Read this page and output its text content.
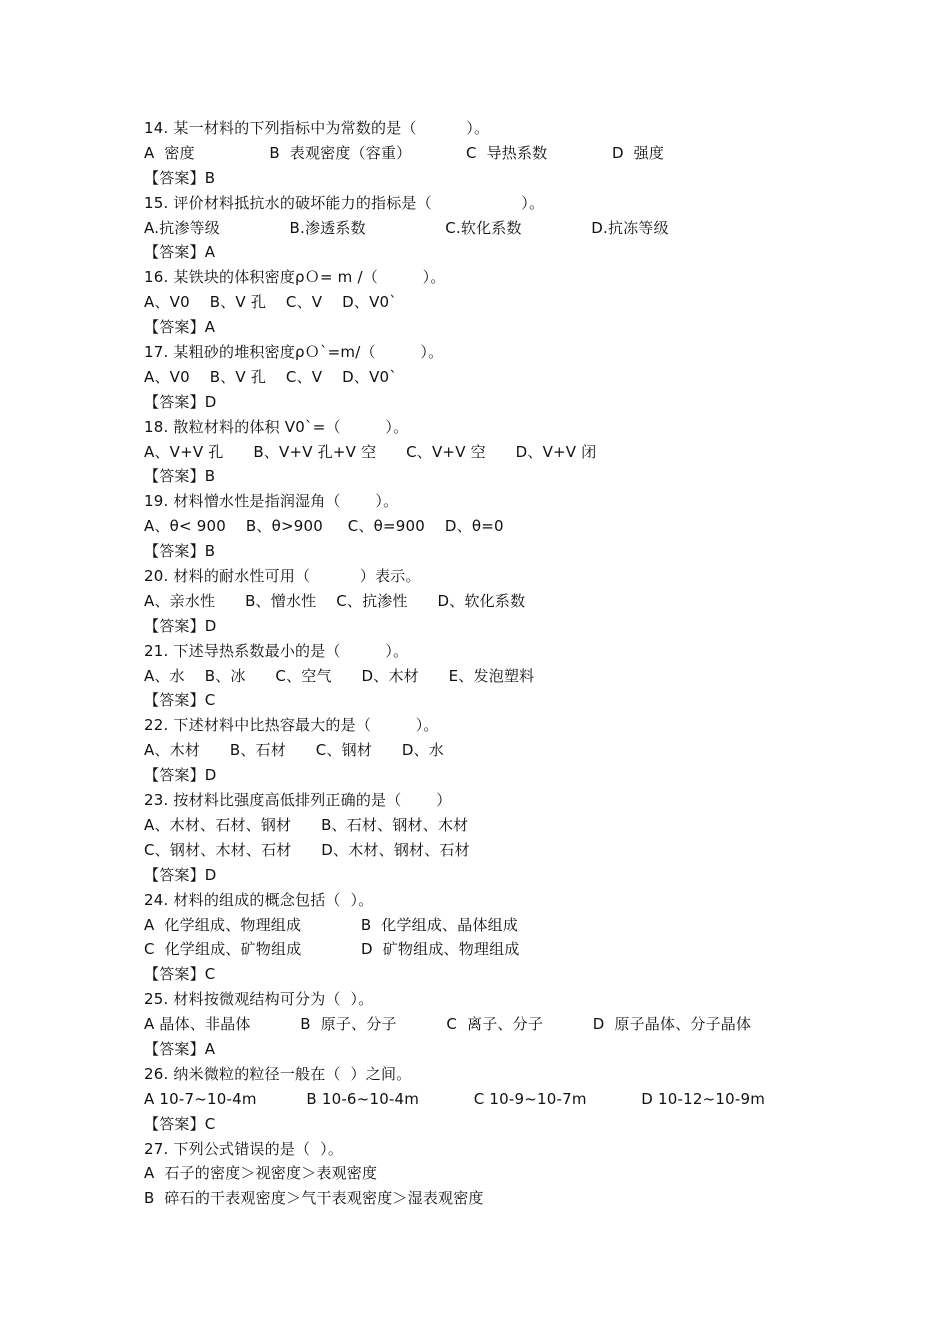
14. 某一材料的下列指标中为常数的是（          ）。
A  密度               B  表观密度（容重）           C  导热系数             D  强度
【答案】B
15. 评价材料抵抗水的破坏能力的指标是（                  ）。
A.抗渗等级              B.渗透系数                C.软化系数              D.抗冻等级
【答案】A
16. 某铁块的体积密度ρＯ= m /（         ）。
A、V0    B、V 孔    C、V    D、V0`
【答案】A
17. 某粗砂的堆积密度ρＯ`=m/（         ）。
A、V0    B、V 孔    C、V    D、V0`
【答案】D
18. 散粒材料的体积 V0`=（         ）。
A、V+V 孔      B、V+V 孔+V 空      C、V+V 空      D、V+V 闭
【答案】B
19. 材料憎水性是指润湿角（       ）。
A、θ< 900    B、θ>900     C、θ=900    D、θ=0
【答案】B
20. 材料的耐水性可用（          ）表示。
A、亲水性      B、憎水性    C、抗渗性      D、软化系数
【答案】D
21. 下述导热系数最小的是（         ）。
A、水    B、冰      C、空气      D、木材      E、发泡塑料
【答案】C
22. 下述材料中比热容最大的是（         ）。
A、木材      B、石材      C、钢材      D、水
【答案】D
23. 按材料比强度高低排列正确的是（       ）
A、木材、石材、钢材      B、石材、钢材、木材
C、钢材、木材、石材      D、木材、钢材、石材
【答案】D
24. 材料的组成的概念包括（  ）。
A  化学组成、物理组成            B  化学组成、晶体组成
C  化学组成、矿物组成            D  矿物组成、物理组成
【答案】C
25. 材料按微观结构可分为（  ）。
A 晶体、非晶体          B  原子、分子          C  离子、分子          D  原子晶体、分子晶体
【答案】A
26. 纳米微粒的粒径一般在（  ）之间。
A 10-7~10-4m          B 10-6~10-4m           C 10-9~10-7m           D 10-12~10-9m
【答案】C
27. 下列公式错误的是（  ）。
A  石子的密度＞视密度＞表观密度
B  碎石的干表观密度＞气干表观密度＞湿表观密度
